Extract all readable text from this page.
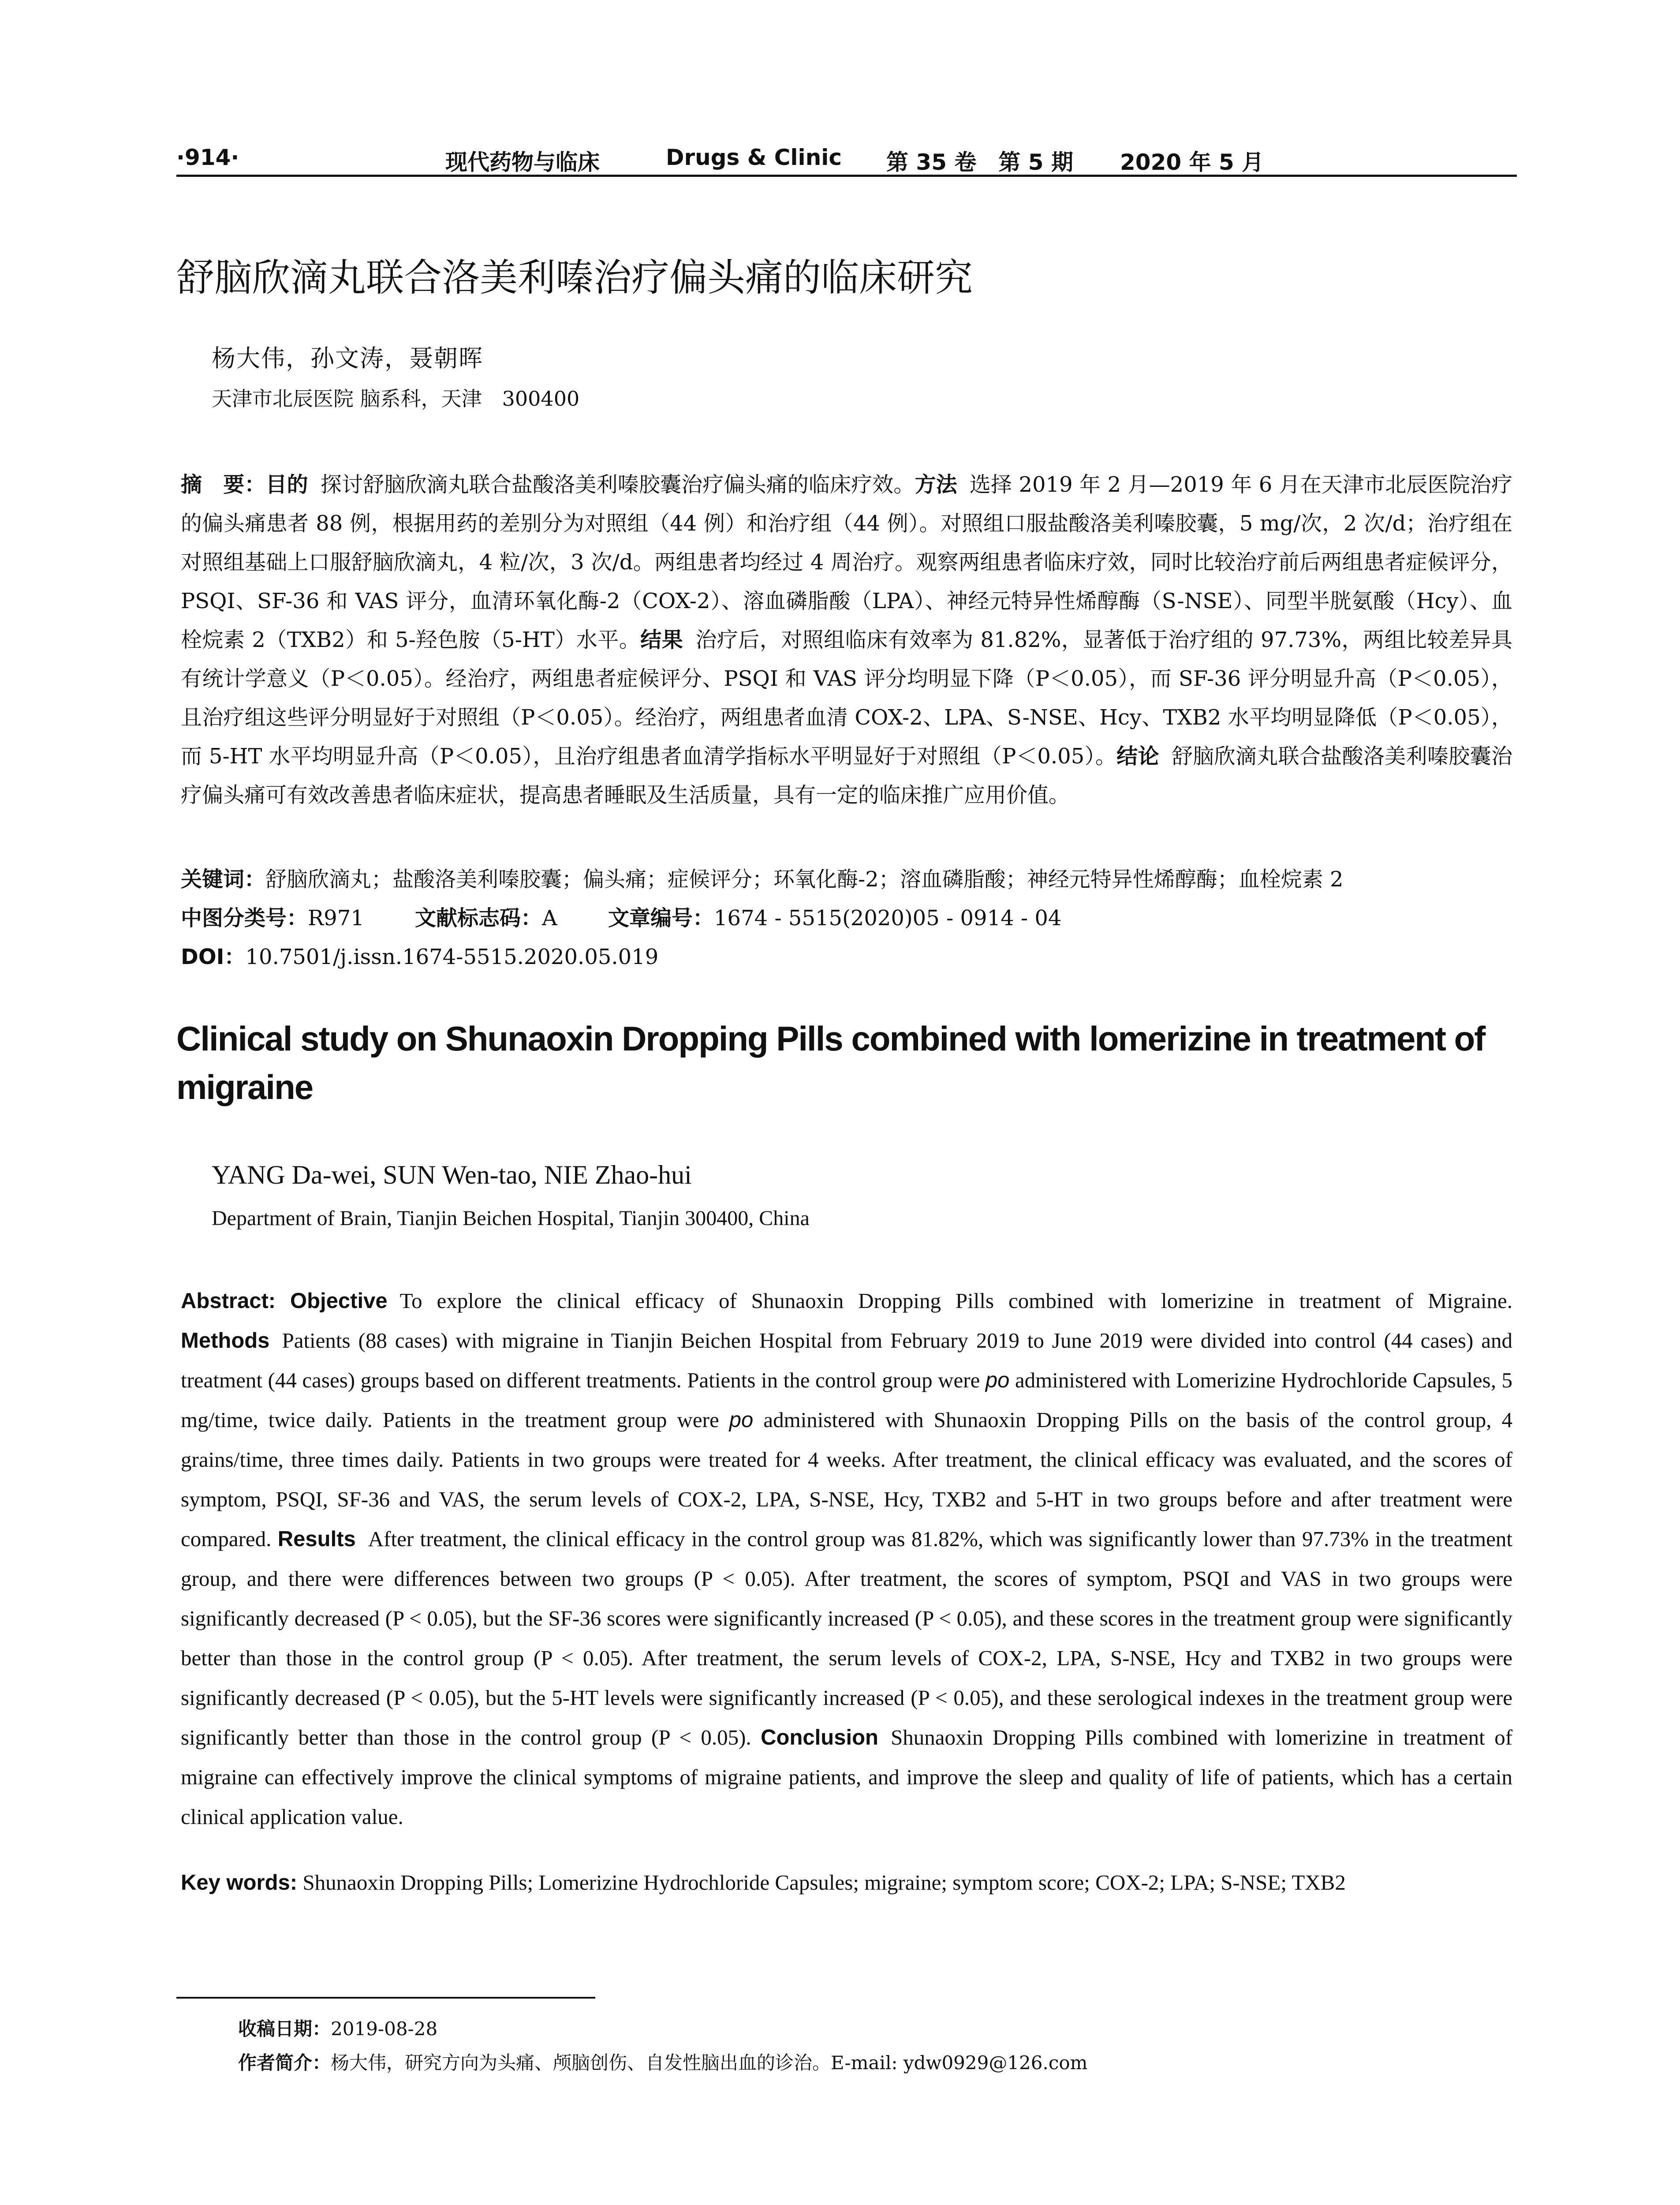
·914·	现代药物与临床	Drugs & Clinic 第 35 卷　第 5 期 2020 年 5 月
舒脑欣滴丸联合洛美利嗪治疗偏头痛的临床研究
杨大伟，孙文涛，聂朝晖
天津市北辰医院 脑系科，天津　300400
摘　要：目的 探讨舒脑欣滴丸联合盐酸洛美利嗪胶囊治疗偏头痛的临床疗效。方法 选择 2019 年 2 月—2019 年 6 月在天津市北辰医院治疗的偏头痛患者 88 例，根据用药的差别分为对照组（44 例）和治疗组（44 例）。对照组口服盐酸洛美利嗪胶囊，5 mg/次，2 次/d；治疗组在对照组基础上口服舒脑欣滴丸，4 粒/次，3 次/d。两组患者均经过 4 周治疗。观察两组患者临床疗效，同时比较治疗前后两组患者症候评分，PSQI、SF-36 和 VAS 评分，血清环氧化酶-2（COX-2）、溶血磷脂酸（LPA）、神经元特异性烯醇酶（S-NSE）、同型半胱氨酸（Hcy）、血栓烷素 2（TXB2）和 5-羟色胺（5-HT）水平。结果 治疗后，对照组临床有效率为 81.82%，显著低于治疗组的 97.73%，两组比较差异具有统计学意义（P＜0.05）。经治疗，两组患者症候评分、PSQI 和 VAS 评分均明显下降（P＜0.05），而 SF-36 评分明显升高（P＜0.05），且治疗组这些评分明显好于对照组（P＜0.05）。经治疗，两组患者血清 COX-2、LPA、S-NSE、Hcy、TXB2 水平均明显降低（P＜0.05），而 5-HT 水平均明显升高（P＜0.05），且治疗组患者血清学指标水平明显好于对照组（P＜0.05）。结论 舒脑欣滴丸联合盐酸洛美利嗪胶囊治疗偏头痛可有效改善患者临床症状，提高患者睡眠及生活质量，具有一定的临床推广应用价值。
关键词：舒脑欣滴丸；盐酸洛美利嗪胶囊；偏头痛；症候评分；环氧化酶-2；溶血磷脂酸；神经元特异性烯醇酶；血栓烷素 2
中图分类号：R971 文献标志码：A 文章编号：1674 - 5515(2020)05 - 0914 - 04
DOI：10.7501/j.issn.1674-5515.2020.05.019
Clinical study on Shunaoxin Dropping Pills combined with lomerizine in treatment of migraine
YANG Da-wei, SUN Wen-tao, NIE Zhao-hui
Department of Brain, Tianjin Beichen Hospital, Tianjin 300400, China
Abstract: Objective To explore the clinical efficacy of Shunaoxin Dropping Pills combined with lomerizine in treatment of Migraine. Methods Patients (88 cases) with migraine in Tianjin Beichen Hospital from February 2019 to June 2019 were divided into control (44 cases) and treatment (44 cases) groups based on different treatments. Patients in the control group were po administered with Lomerizine Hydrochloride Capsules, 5 mg/time, twice daily. Patients in the treatment group were po administered with Shunaoxin Dropping Pills on the basis of the control group, 4 grains/time, three times daily. Patients in two groups were treated for 4 weeks. After treatment, the clinical efficacy was evaluated, and the scores of symptom, PSQI, SF-36 and VAS, the serum levels of COX-2, LPA, S-NSE, Hcy, TXB2 and 5-HT in two groups before and after treatment were compared. Results After treatment, the clinical efficacy in the control group was 81.82%, which was significantly lower than 97.73% in the treatment group, and there were differences between two groups (P < 0.05). After treatment, the scores of symptom, PSQI and VAS in two groups were significantly decreased (P < 0.05), but the SF-36 scores were significantly increased (P < 0.05), and these scores in the treatment group were significantly better than those in the control group (P < 0.05). After treatment, the serum levels of COX-2, LPA, S-NSE, Hcy and TXB2 in two groups were significantly decreased (P < 0.05), but the 5-HT levels were significantly increased (P < 0.05), and these serological indexes in the treatment group were significantly better than those in the control group (P < 0.05). Conclusion Shunaoxin Dropping Pills combined with lomerizine in treatment of migraine can effectively improve the clinical symptoms of migraine patients, and improve the sleep and quality of life of patients, which has a certain clinical application value.
Key words: Shunaoxin Dropping Pills; Lomerizine Hydrochloride Capsules; migraine; symptom score; COX-2; LPA; S-NSE; TXB2
收稿日期：2019-08-28
作者简介：杨大伟，研究方向为头痛、颅脑创伤、自发性脑出血的诊治。E-mail: ydw0929@126.com
